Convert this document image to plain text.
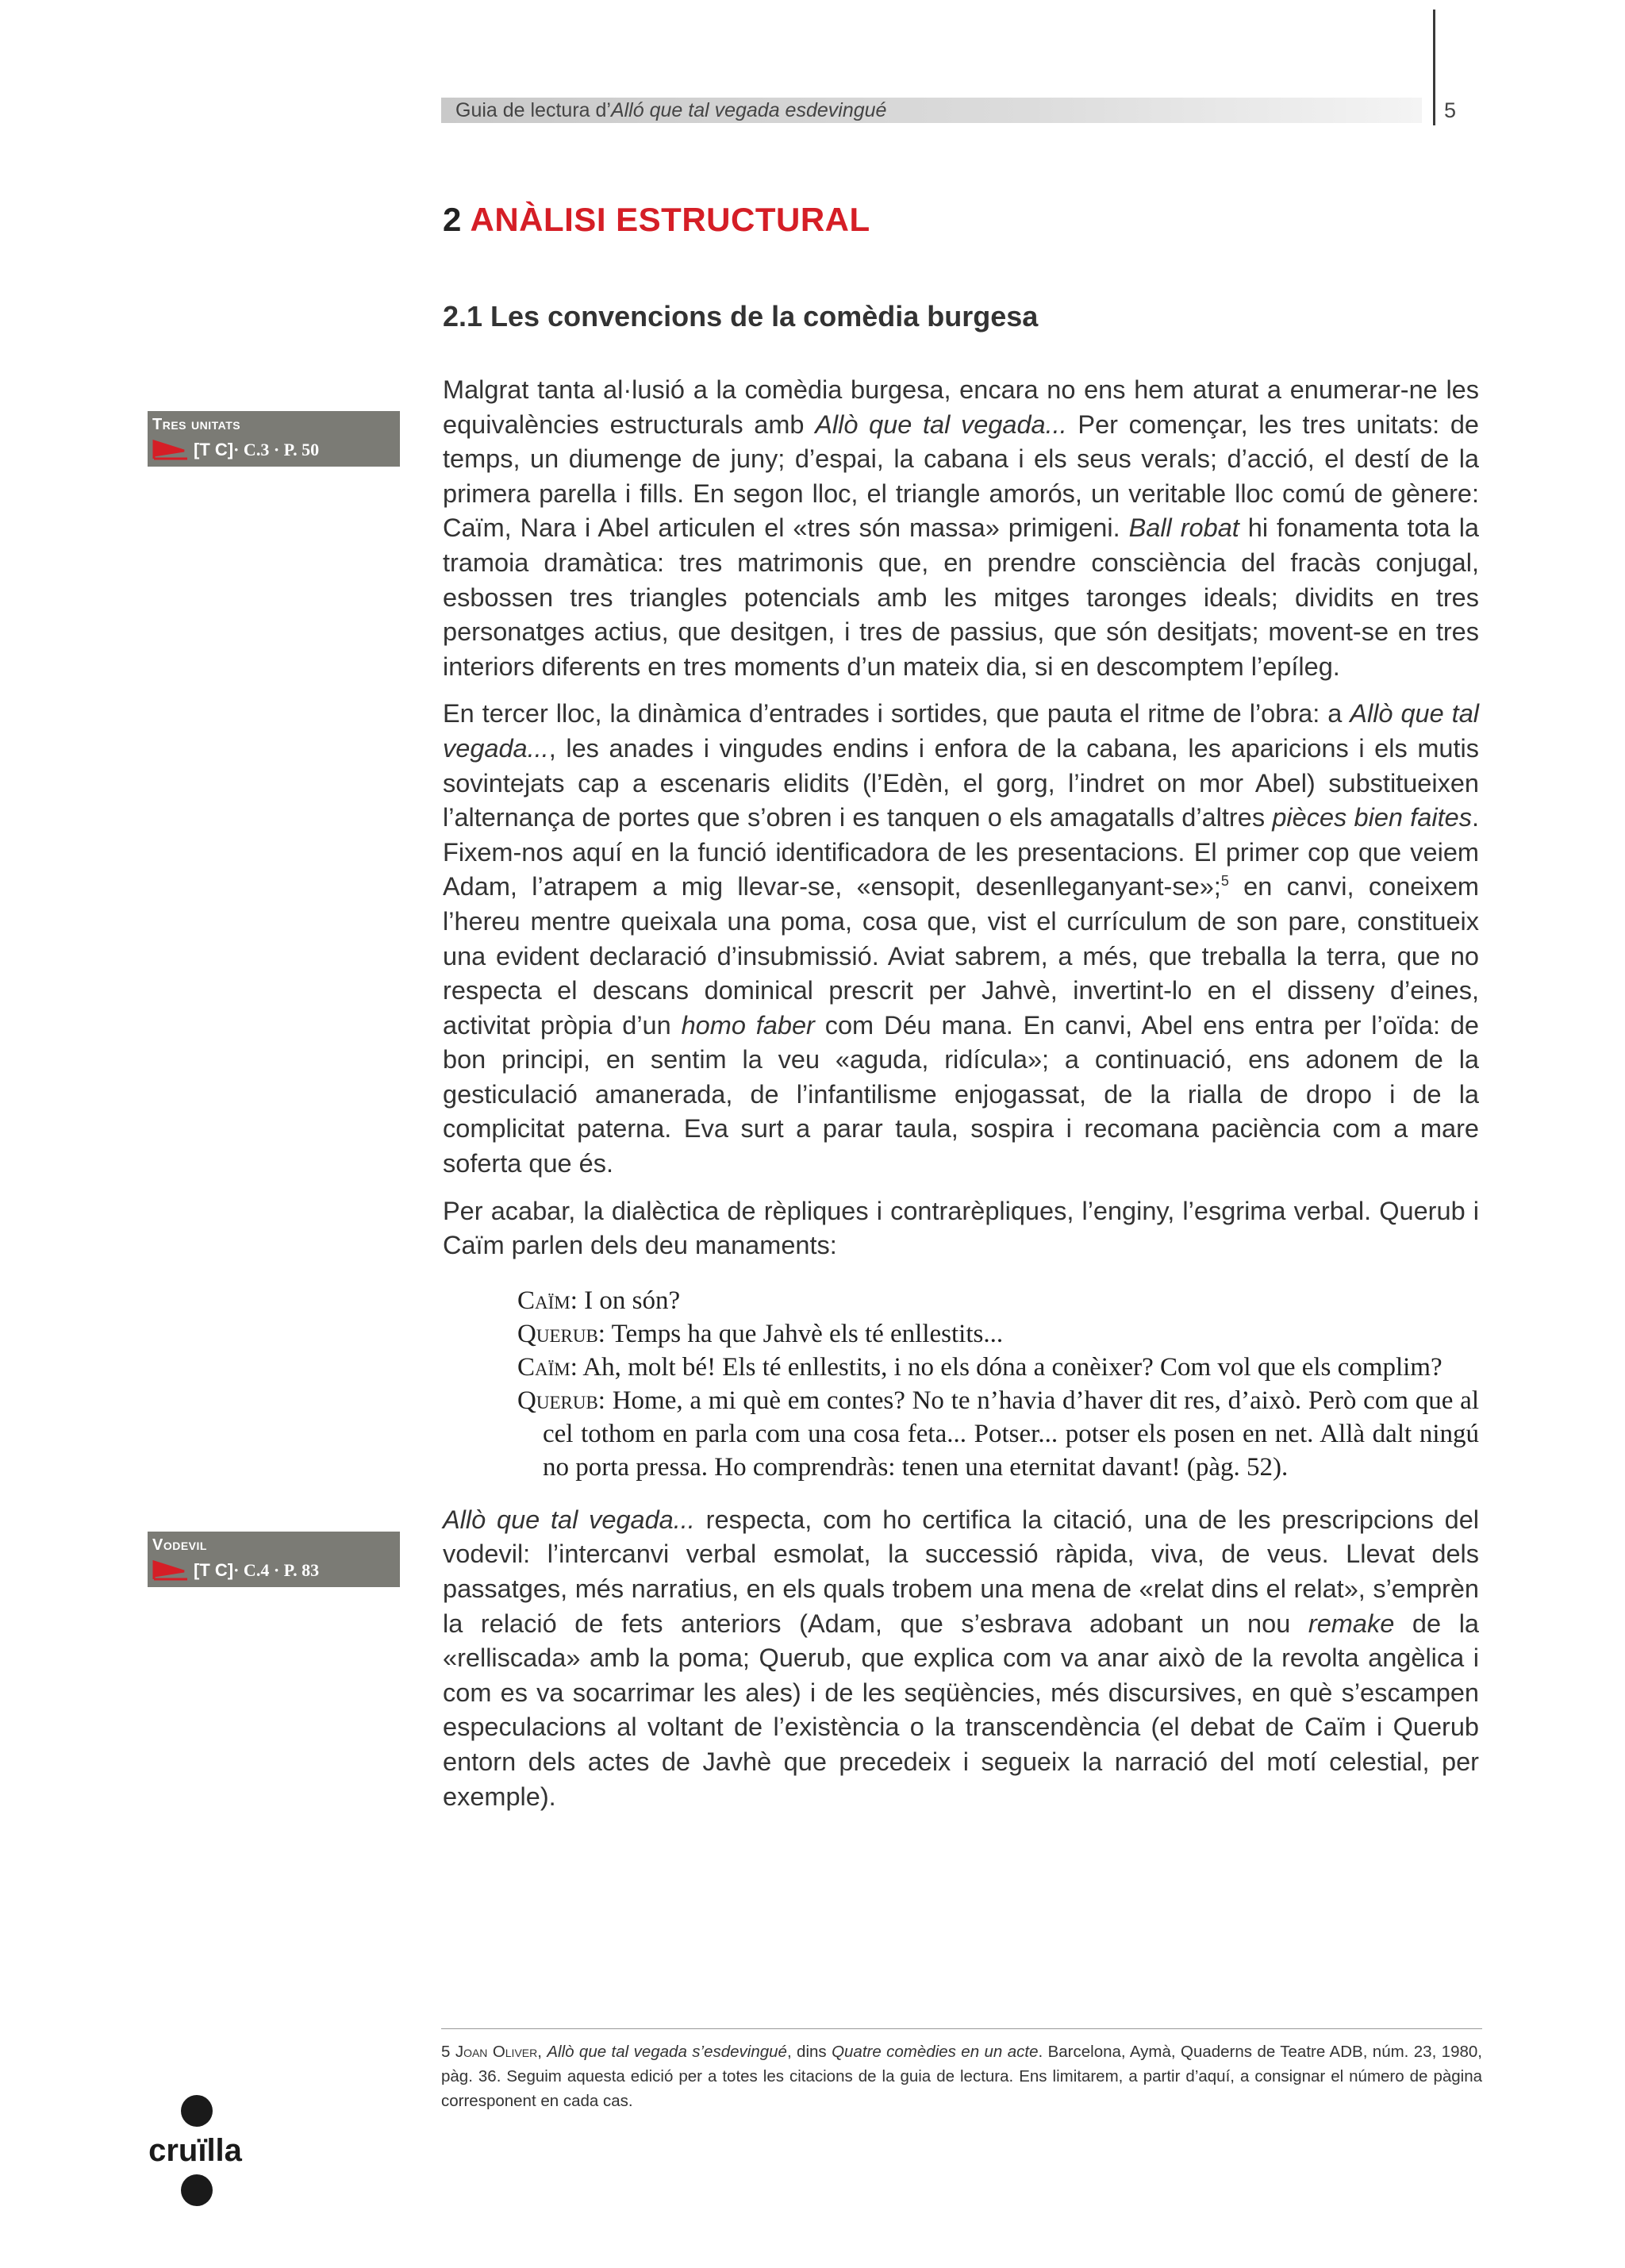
Guia de lectura d’Alló que tal vegada esdevingué	5
2 ANÀLISI ESTRUCTURAL
2.1 Les convencions de la comèdia burgesa
Tres unitats
[T C] · C.3 · P. 50
Vodevil
[T C] · C.4 · P. 83

Malgrat tanta al·lusió a la comèdia burgesa, encara no ens hem aturat a enumerar-ne les equivalències estructurals amb Allò que tal vegada... Per començar, les tres unitats: de temps, un diumenge de juny; d’espai, la cabana i els seus verals; d’acció, el destí de la primera parella i fills. En segon lloc, el triangle amorós, un veritable lloc comú de gènere: Caïm, Nara i Abel articulen el «tres són massa» primigeni. Ball robat hi fonamenta tota la tramoia dramàtica: tres matrimonis que, en prendre consciència del fracàs conjugal, esbossen tres triangles potencials amb les mitges taronges ideals; dividits en tres personatges actius, que desitgen, i tres de passius, que són desitjats; movent-se en tres interiors diferents en tres moments d’un mateix dia, si en descomptem l’epíleg.

En tercer lloc, la dinàmica d’entrades i sortides, que pauta el ritme de l’obra: a Allò que tal vegada..., les anades i vingudes endins i enfora de la cabana, les aparicions i els mutis sovintejats cap a escenaris elidits (l’Edèn, el gorg, l’indret on mor Abel) substitueixen l’alternança de portes que s’obren i es tanquen o els amagatalls d’altres pièces bien faites. Fixem-nos aquí en la funció identificadora de les presentacions. El primer cop que veiem Adam, l’atrapem a mig llevar-se, «ensopit, desenlleganyant-se»;$^5$ en canvi, coneixem l’hereu mentre queixala una poma, cosa que, vist el currículum de son pare, constitueix una evident declaració d’insubmissió. Aviat sabrem, a més, que treballa la terra, que no respecta el descans dominical prescrit per Jahvè, invertint-lo en el disseny d’eines, activitat pròpia d’un homo faber com Déu mana. En canvi, Abel ens entra per l’oïda: de bon principi, en sentim la veu «aguda, ridícula»; a continuació, ens adonem de la gesticulació amanerada, de l’infantilisme enjogassat, de la rialla de dropo i de la complicitat paterna. Eva surt a parar taula, sospira i recomana paciència com a mare soferta que és.

Per acabar, la dialèctica de rèpliques i contrarèpliques, l’enginy, l’esgrima verbal. Querub i Caïm parlen dels deu manaments:

Caïm: I on són?
Querub: Temps ha que Jahvè els té enllestits...
Caïm: Ah, molt bé! Els té enllestits, i no els dóna a conèixer? Com vol que els complim?
Querub: Home, a mi què em contes? No te n’havia d’haver dit res, d’això. Però com que al cel tothom en parla com una cosa feta... Potser... potser els posen en net. Allà dalt ningú no porta pressa. Ho comprendràs: tenen una eternitat davant! (pàg. 52).

Allò que tal vegada... respecta, com ho certifica la citació, una de les prescripcions del vodevil: l’intercanvi verbal esmolat, la successió ràpida, viva, de veus. Llevat dels passatges, més narratius, en els quals trobem una mena de «relat dins el relat», s’emprèn la relació de fets anteriors (Adam, que s’esbrava adobant un nou remake de la «relliscada» amb la poma; Querub, que explica com va anar això de la revolta angèlica i com es va socarrimar les ales) i de les seqüències, més discursives, en què s’escampen especulacions al voltant de l’existència o la transcendència (el debat de Caïm i Querub entorn dels actes de Javhè que precedeix i segueix la narració del motí celestial, per exemple).

5 Joan Oliver, Allò que tal vegada s’esdevingué, dins Quatre comèdies en un acte. Barcelona, Aymà, Quaderns de Teatre ADB, núm. 23, 1980, pàg. 36. Seguim aquesta edició per a totes les citacions de la guia de lectura. Ens limitarem, a partir d’aquí, a consignar el número de pàgina corresponent en cada cas.
cruïlla
